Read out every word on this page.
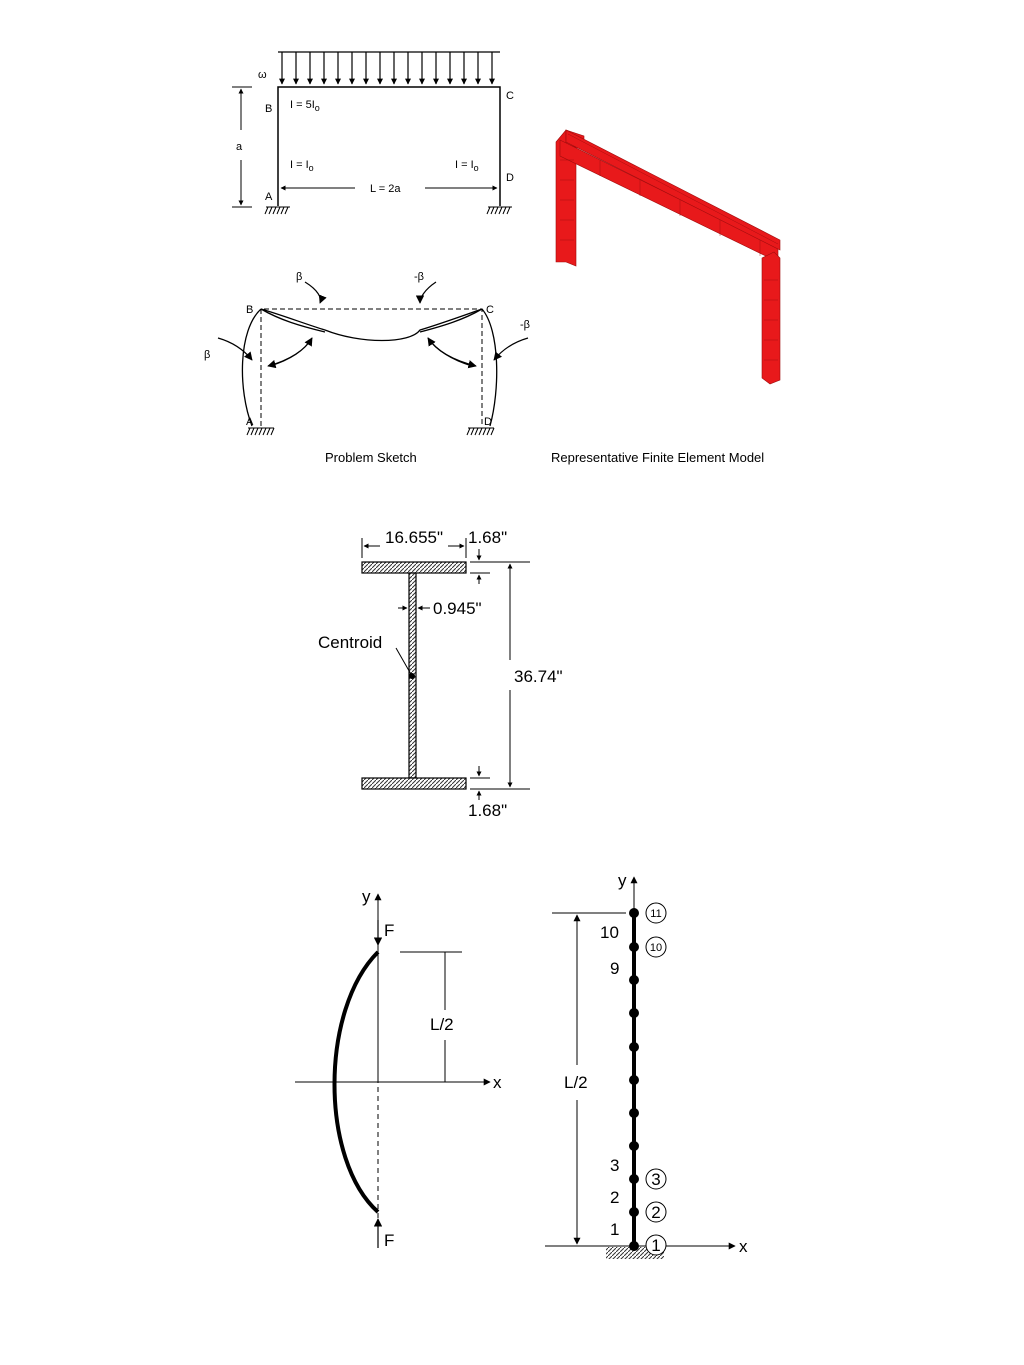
ω
a
B
C
A
D
$I = 5I_o$
$I = I_o$	$I = I_o$
L = 2a
β	-β
β
-β
B	C
A	D
Problem Sketch	Representative Finite Element Model
16.655" 1.68"
0.945"
Centroid
36.74"
1.68"
y
x
F
F
L/2
y
x
L/2
10
9
3
2
1
11
10
3
2
1
